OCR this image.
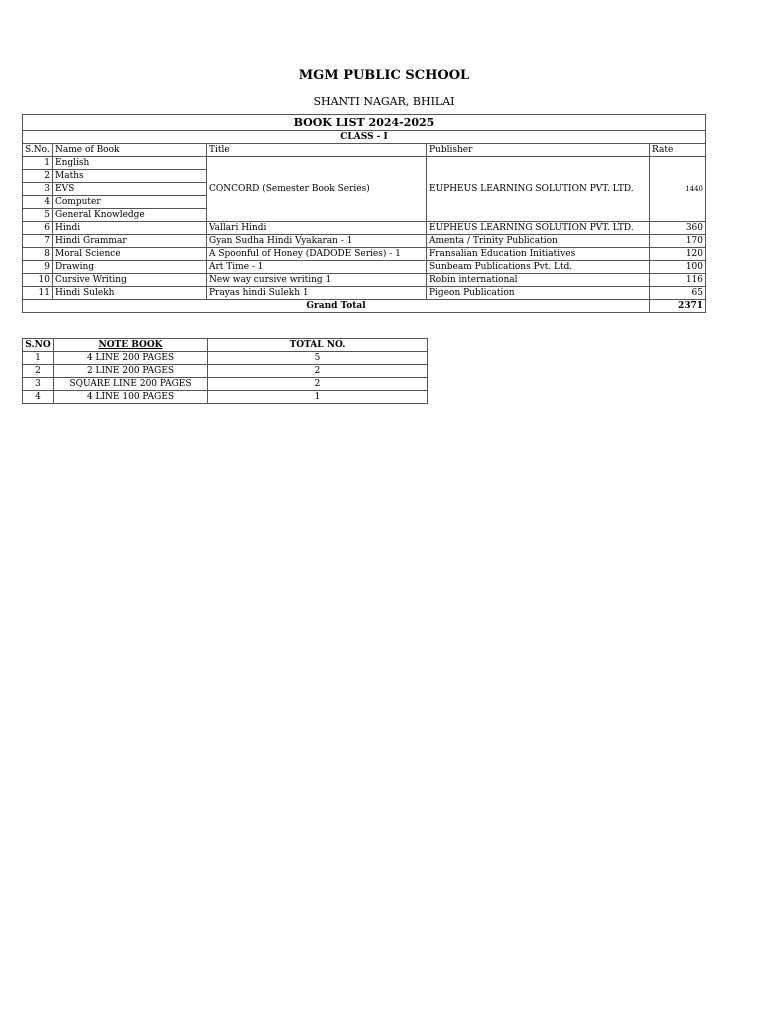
MGM PUBLIC SCHOOL
SHANTI NAGAR, BHILAI
BOOK LIST 2024-2025				
CLASS - I				
S.No.	Name of Book	Title	Publisher	Rate
1	English	CONCORD (Semester Book Series)	EUPHEUS LEARNING SOLUTION PVT. LTD.	1440
2	Maths			
3	EVS			
4	Computer			
5	General Knowledge			
6	Hindi	Vallari Hindi	EUPHEUS LEARNING SOLUTION PVT. LTD.	360
7	Hindi Grammar	Gyan Sudha Hindi Vyakaran - 1	Amenta / Trinity Publication	170
8	Moral Science	A Spoonful of Honey (DADODE Series) - 1	Fransalian Education Initiatives	120
9	Drawing	Art Time - 1	Sunbeam Publications Pvt. Ltd.	100
10	Cursive Writing	New way cursive writing 1	Robin international	116
11	Hindi Sulekh	Prayas hindi Sulekh 1	Pigeon Publication	65
Grand Total				2371
S.NO	NOTE BOOK	TOTAL NO.
1	4 LINE 200 PAGES	5
2	2 LINE 200 PAGES	2
3	SQUARE LINE 200 PAGES	2
4	4 LINE 100 PAGES	1
